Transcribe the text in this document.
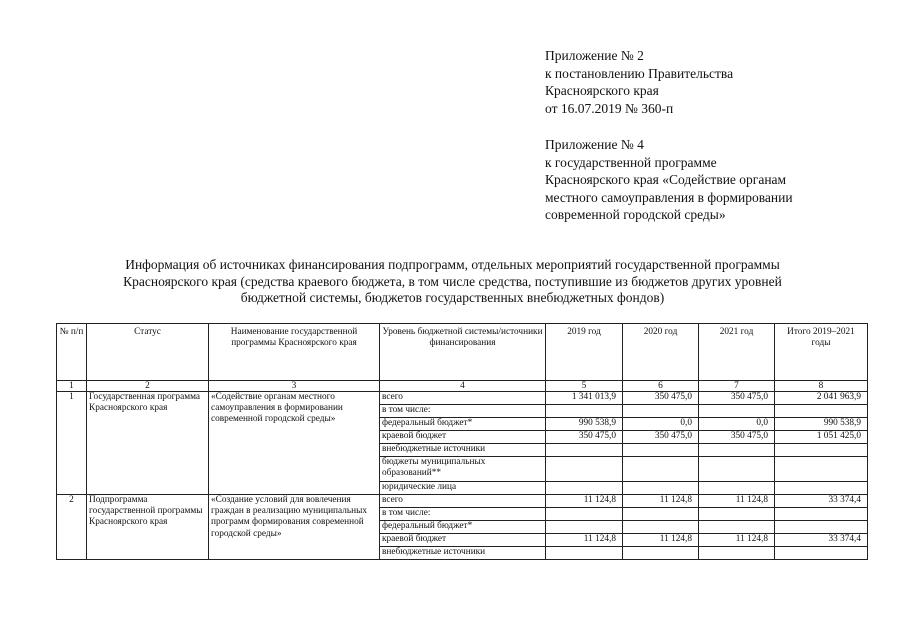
Приложение № 2
к постановлению Правительства
Красноярского края
от 16.07.2019 № 360-п
Приложение № 4
к государственной программе
Красноярского края «Содействие органам
местного самоуправления в формировании
современной городской среды»
Информация об источниках финансирования подпрограмм, отдельных мероприятий государственной программы
Красноярского края (средства краевого бюджета, в том числе средства, поступившие из бюджетов других уровней
бюджетной системы, бюджетов государственных внебюджетных фондов)
№ п/п	Статус	Наименование государственной программы Красноярского края	Уровень бюджетной системы/источники финансирования	2019 год	2020 год	2021 год	Итого 2019–2021 годы
1	2	3	4	5	6	7	8
1	Государственная программа Красноярского края	«Содействие органам местного самоуправления в формировании современной городской среды»	всего	1 341 013,9	350 475,0	350 475,0	2 041 963,9
			в том числе:				
			федеральный бюджет*	990 538,9	0,0	0,0	990 538,9
			краевой бюджет	350 475,0	350 475,0	350 475,0	1 051 425,0
			внебюджетные источники				
			бюджеты муниципальных образований**				
			юридические лица				
2	Подпрограмма государственной программы Красноярского края	«Создание условий для вовлечения граждан в реализацию муниципальных программ формирования современной городской среды»	всего	11 124,8	11 124,8	11 124,8	33 374,4
			в том числе:				
			федеральный бюджет*				
			краевой бюджет	11 124,8	11 124,8	11 124,8	33 374,4
			внебюджетные источники				
